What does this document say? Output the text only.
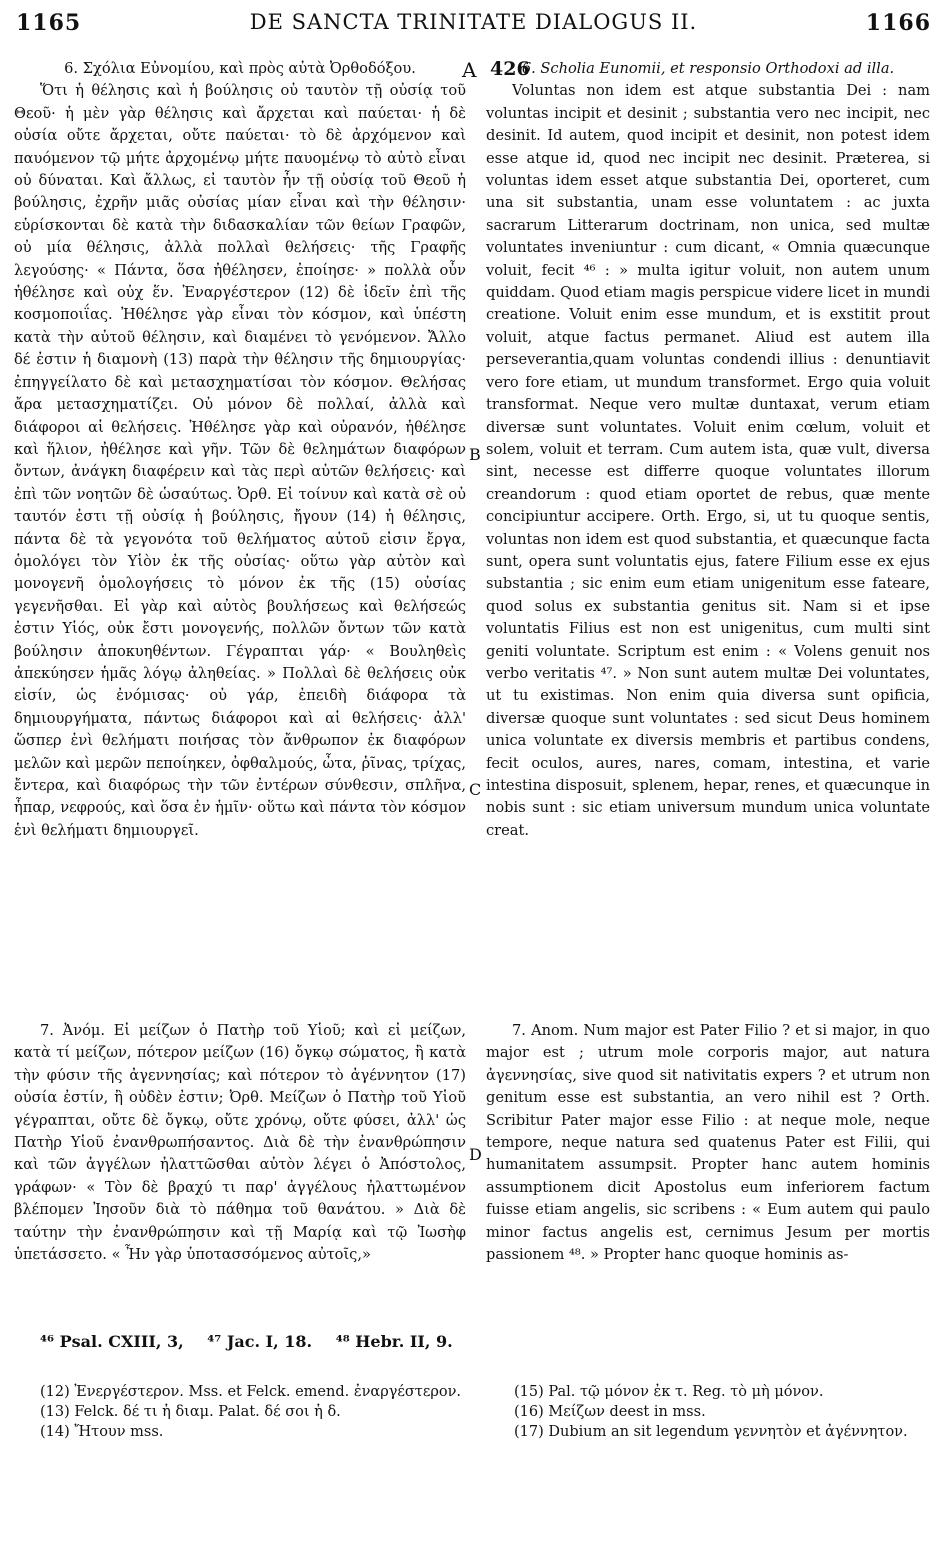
1165	DE SANCTA TRINITATE DIALOGUS II.	1166
A 426
B
C
D

6. Σχόλια Εὐνομίου, καὶ πρὸς αὐτὰ Ὀρθοδόξου.

Ὅτι ἡ θέλησις καὶ ἡ βούλησις οὐ ταυτὸν τῇ οὐσίᾳ τοῦ Θεοῦ· ἡ μὲν γὰρ θέλησις καὶ ἄρχεται καὶ παύεται· ἡ δὲ οὐσία οὔτε ἄρχεται, οὔτε παύεται· τὸ δὲ ἀρχόμενον καὶ παυόμενον τῷ μήτε ἀρχομένῳ μήτε παυομένῳ τὸ αὐτὸ εἶναι οὐ δύναται. Καὶ ἄλλως, εἰ ταυτὸν ἦν τῇ οὐσίᾳ τοῦ Θεοῦ ἡ βούλησις, ἐχρῆν μιᾶς οὐσίας μίαν εἶναι καὶ τὴν θέλησιν· εὑρίσκονται δὲ κατὰ τὴν διδασκαλίαν τῶν θείων Γραφῶν, οὐ μία θέλησις, ἀλλὰ πολλαὶ θελήσεις· τῆς Γραφῆς λεγούσης· « Πάντα, ὅσα ἠθέλησεν, ἐποίησε· » πολλὰ οὖν ἠθέλησε καὶ οὐχ ἕν. Ἐναργέστερον (12) δὲ ἰδεῖν ἐπὶ τῆς κοσμοποιΐας. Ἠθέλησε γὰρ εἶναι τὸν κόσμον, καὶ ὑπέστη κατὰ τὴν αὐτοῦ θέλησιν, καὶ διαμένει τὸ γενόμενον. Ἄλλο δέ ἐστιν ἡ διαμονὴ (13) παρὰ τὴν θέλησιν τῆς δημιουργίας· ἐπηγγείλατο δὲ καὶ μετασχηματίσαι τὸν κόσμον. Θελήσας ἄρα μετασχηματίζει. Οὐ μόνον δὲ πολλαί, ἀλλὰ καὶ διάφοροι αἱ θελήσεις. Ἠθέλησε γὰρ καὶ οὐρανόν, ἠθέλησε καὶ ἥλιον, ἠθέλησε καὶ γῆν. Τῶν δὲ θελημάτων διαφόρων ὄντων, ἀνάγκη διαφέρειν καὶ τὰς περὶ αὐτῶν θελήσεις· καὶ ἐπὶ τῶν νοητῶν δὲ ὡσαύτως. Ὀρθ. Εἰ τοίνυν καὶ κατὰ σὲ οὐ ταυτόν ἐστι τῇ οὐσίᾳ ἡ βούλησις, ἤγουν (14) ἡ θέλησις, πάντα δὲ τὰ γεγονότα τοῦ θελήματος αὐτοῦ εἰσιν ἔργα, ὁμολόγει τὸν Υἱὸν ἐκ τῆς οὐσίας· οὕτω γὰρ αὐτὸν καὶ μονογενῆ ὁμολογήσεις τὸ μόνον ἐκ τῆς (15) οὐσίας γεγενῆσθαι. Εἰ γὰρ καὶ αὐτὸς βουλήσεως καὶ θελήσεώς ἐστιν Υἱός, οὐκ ἔστι μονογενής, πολλῶν ὄντων τῶν κατὰ βούλησιν ἀποκυηθέντων. Γέγραπται γάρ· « Βουληθεὶς ἀπεκύησεν ἡμᾶς λόγῳ ἀληθείας. » Πολλαὶ δὲ θελήσεις οὐκ εἰσίν, ὡς ἐνόμισας· οὐ γάρ, ἐπειδὴ διάφορα τὰ δημιουργήματα, πάντως διάφοροι καὶ αἱ θελήσεις· ἀλλ' ὥσπερ ἑνὶ θελήματι ποιήσας τὸν ἄνθρωπον ἐκ διαφόρων μελῶν καὶ μερῶν πεποίηκεν, ὀφθαλμούς, ὦτα, ῥῖνας, τρίχας, ἔντερα, καὶ διαφόρως τὴν τῶν ἐντέρων σύνθεσιν, σπλῆνα, ἧπαρ, νεφρούς, καὶ ὅσα ἐν ἡμῖν· οὕτω καὶ πάντα τὸν κόσμον ἑνὶ θελήματι δημιουργεῖ.

7. Ἀνόμ. Εἰ μείζων ὁ Πατὴρ τοῦ Υἱοῦ; καὶ εἰ μείζων, κατὰ τί μείζων, πότερον μείζων (16) ὄγκῳ σώματος, ἢ κατὰ τὴν φύσιν τῆς ἀγεννησίας; καὶ πότερον τὸ ἀγέννητον (17) οὐσία ἐστίν, ἢ οὐδὲν ἐστιν; Ὀρθ. Μείζων ὁ Πατὴρ τοῦ Υἱοῦ γέγραπται, οὔτε δὲ ὄγκῳ, οὔτε χρόνῳ, οὔτε φύσει, ἀλλ' ὡς Πατὴρ Υἱοῦ ἐνανθρωπήσαντος. Διὰ δὲ τὴν ἐνανθρώπησιν καὶ τῶν ἀγγέλων ἠλαττῶσθαι αὐτὸν λέγει ὁ Ἀπόστολος, γράφων· « Τὸν δὲ βραχύ τι παρ' ἀγγέλους ἠλαττωμένον βλέπομεν Ἰησοῦν διὰ τὸ πάθημα τοῦ θανάτου. » Διὰ δὲ ταύτην τὴν ἐνανθρώπησιν καὶ τῇ Μαρίᾳ καὶ τῷ Ἰωσὴφ ὑπετάσσετο. « Ἦν γὰρ ὑποτασσόμενος αὐτοῖς,»

6. Scholia Eunomii, et responsio Orthodoxi ad illa.

Voluntas non idem est atque substantia Dei : nam voluntas incipit et desinit ; substantia vero nec incipit, nec desinit. Id autem, quod incipit et desinit, non potest idem esse atque id, quod nec incipit nec desinit. Præterea, si voluntas idem esset atque substantia Dei, oporteret, cum una sit substantia, unam esse voluntatem : ac juxta sacrarum Litterarum doctrinam, non unica, sed multæ voluntates inveniuntur : cum dicant, « Omnia quæcunque voluit, fecit ⁴⁶ : » multa igitur voluit, non autem unum quiddam. Quod etiam magis perspicue videre licet in mundi creatione. Voluit enim esse mundum, et is exstitit prout voluit, atque factus permanet. Aliud est autem illa perseverantia,quam voluntas condendi illius : denuntiavit vero fore etiam, ut mundum transformet. Ergo quia voluit transformat. Neque vero multæ duntaxat, verum etiam diversæ sunt voluntates. Voluit enim cœlum, voluit et solem, voluit et terram. Cum autem ista, quæ vult, diversa sint, necesse est differre quoque voluntates illorum creandorum : quod etiam oportet de rebus, quæ mente concipiuntur accipere. Orth. Ergo, si, ut tu quoque sentis, voluntas non idem est quod substantia, et quæcunque facta sunt, opera sunt voluntatis ejus, fatere Filium esse ex ejus substantia ; sic enim eum etiam unigenitum esse fateare, quod solus ex substantia genitus sit. Nam si et ipse voluntatis Filius est non est unigenitus, cum multi sint geniti voluntate. Scriptum est enim : « Volens genuit nos verbo veritatis ⁴⁷. » Non sunt autem multæ Dei voluntates, ut tu existimas. Non enim quia diversa sunt opificia, diversæ quoque sunt voluntates : sed sicut Deus hominem unica voluntate ex diversis membris et partibus condens, fecit oculos, aures, nares, comam, intestina, et varie intestina disposuit, splenem, hepar, renes, et quæcunque in nobis sunt : sic etiam universum mundum unica voluntate creat.

7. Anom. Num major est Pater Filio ? et si major, in quo major est ; utrum mole corporis major, aut natura ἀγεννησίας, sive quod sit nativitatis expers ? et utrum non genitum esse est substantia, an vero nihil est ? Orth. Scribitur Pater major esse Filio : at neque mole, neque tempore, neque natura sed quatenus Pater est Filii, qui humanitatem assumpsit. Propter hanc autem hominis assumptionem dicit Apostolus eum inferiorem factum fuisse etiam angelis, sic scribens : « Eum autem qui paulo minor factus angelis est, cernimus Jesum per mortis passionem ⁴⁸. » Propter hanc quoque hominis as-

⁴⁶ Psal. CXIII, 3, ⁴⁷ Jac. I, 18. ⁴⁸ Hebr. II, 9.
(12) Ἐνεργέστερον. Mss. et Felck. emend. ἐναργέστερον.
(13) Felck. δέ τι ἡ διαμ. Palat. δέ σοι ἡ δ.
(14) Ἤτουν mss.
(15) Pal. τῷ μόνον ἐκ τ. Reg. τὸ μὴ μόνον.
(16) Μείζων deest in mss.
(17) Dubium an sit legendum γεννητὸν et ἀγέννητον.
